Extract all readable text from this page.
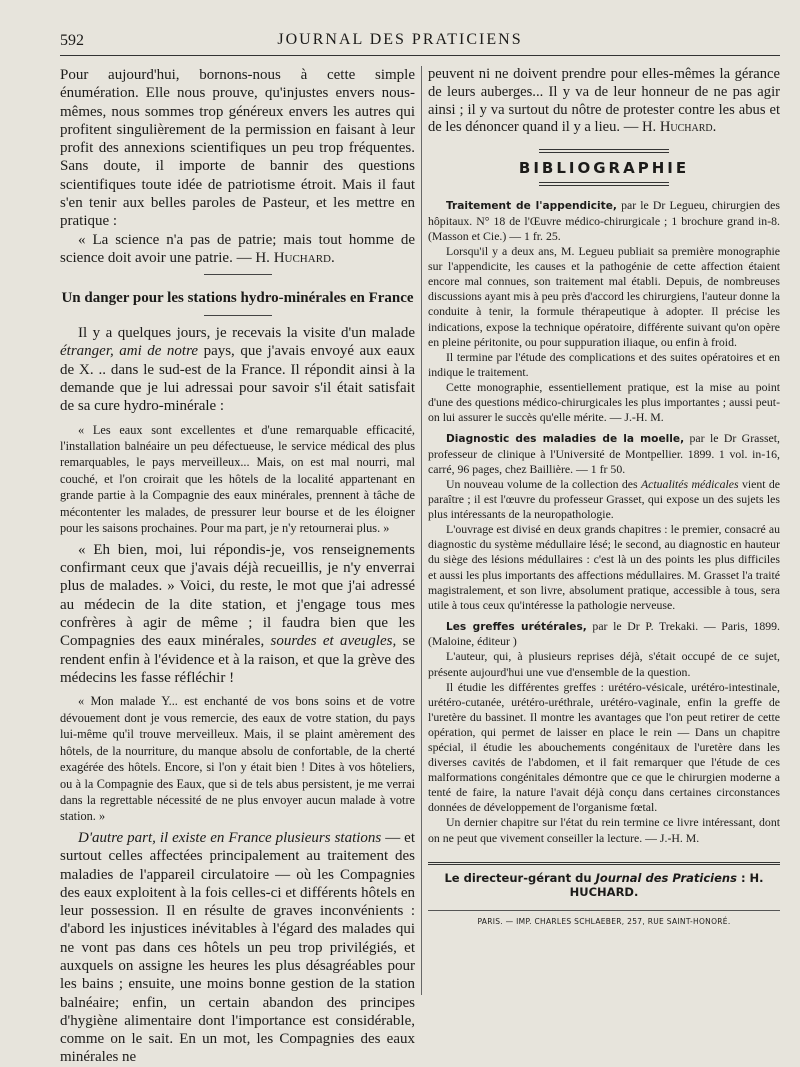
592	JOURNAL DES PRATICIENS

Pour aujourd'hui, bornons-nous à cette simple énumération. Elle nous prouve, qu'injustes envers nous-mêmes, nous sommes trop généreux envers les autres qui profitent singulièrement de la permission en faisant à leur profit des annexions scientifiques un peu trop fréquentes. Sans doute, il importe de bannir des questions scientifiques toute idée de patriotisme étroit. Mais il faut s'en tenir aux belles paroles de Pasteur, et les mettre en pratique :

« La science n'a pas de patrie; mais tout homme de science doit avoir une patrie. — H. Huchard.

Un danger pour les stations hydro-minérales en France

Il y a quelques jours, je recevais la visite d'un malade étranger, ami de notre pays, que j'avais envoyé aux eaux de X. .. dans le sud-est de la France. Il répondit ainsi à la demande que je lui adressai pour savoir s'il était satisfait de sa cure hydro-minérale :

« Les eaux sont excellentes et d'une remarquable efficacité, l'installation balnéaire un peu défectueuse, le service médical des plus remarquables, le pays merveilleux... Mais, on est mal nourri, mal couché, et l'on croirait que les hôtels de la localité appartenant en grande partie à la Compagnie des eaux minérales, prennent à tâche de mécontenter les malades, de pressurer leur bourse et de les éloigner pour les saisons prochaines. Pour ma part, je n'y retournerai plus. »

« Eh bien, moi, lui répondis-je, vos renseignements confirmant ceux que j'avais déjà recueillis, je n'y enverrai plus de malades. » Voici, du reste, le mot que j'ai adressé au médecin de la dite station, et j'engage tous mes confrères à agir de même ; il faudra bien que les Compagnies des eaux minérales, sourdes et aveugles, se rendent enfin à l'évidence et à la raison, et que la grève des médecins les fasse réfléchir !

« Mon malade Y... est enchanté de vos bons soins et de votre dévouement dont je vous remercie, des eaux de votre station, du pays lui-même qu'il trouve merveilleux. Mais, il se plaint amèrement des hôtels, de la nourriture, du manque absolu de confortable, de la cherté exagérée des hôtels. Encore, si l'on y était bien ! Dites à vos hôteliers, ou à la Compagnie des Eaux, que si de tels abus persistent, je me verrai dans la regrettable nécessité de ne plus envoyer aucun malade à votre station. »

D'autre part, il existe en France plusieurs stations — et surtout celles affectées principalement au traitement des maladies de l'appareil circulatoire — où les Compagnies des eaux exploitent à la fois celles-ci et différents hôtels en leur possession. Il en résulte de graves inconvénients : d'abord les injustices inévitables à l'égard des malades qui ne vont pas dans ces hôtels un peu trop privilégiés, et auxquels on assigne les heures les plus désagréables pour les bains ; ensuite, une moins bonne gestion de la station balnéaire; enfin, un certain abandon des principes d'hygiène alimentaire dont l'importance est considérable, comme on le sait. En un mot, les Compagnies des eaux minérales ne

peuvent ni ne doivent prendre pour elles-mêmes la gérance de leurs auberges... Il y va de leur honneur de ne pas agir ainsi ; il y va surtout du nôtre de protester contre les abus et de les dénoncer quand il y a lieu. — H. Huchard.

BIBLIOGRAPHIE

Traitement de l'appendicite, par le Dr Legueu, chirurgien des hôpitaux. N° 18 de l'Œuvre médico-chirurgicale ; 1 brochure grand in-8. (Masson et Cie.) — 1 fr. 25.

Lorsqu'il y a deux ans, M. Legueu publiait sa première monographie sur l'appendicite, les causes et la pathogénie de cette affection étaient encore mal connues, son traitement mal établi. Depuis, de nombreuses discussions ayant mis à peu près d'accord les chirurgiens, l'auteur donne la conduite à tenir, la formule thérapeutique à adopter. Il précise les indications, expose la technique opératoire, différente suivant qu'on opère en pleine péritonite, ou pour suppuration iliaque, ou enfin à froid.

Il termine par l'étude des complications et des suites opératoires et en indique le traitement.

Cette monographie, essentiellement pratique, est la mise au point d'une des questions médico-chirurgicales les plus importantes ; aussi peut-on lui assurer le succès qu'elle mérite. — J.-H. M.

Diagnostic des maladies de la moelle, par le Dr Grasset, professeur de clinique à l'Université de Montpellier. 1899. 1 vol. in-16, carré, 96 pages, chez Baillière. — 1 fr 50.

Un nouveau volume de la collection des Actualités médicales vient de paraître ; il est l'œuvre du professeur Grasset, qui expose un des sujets les plus intéressants de la neuropathologie.

L'ouvrage est divisé en deux grands chapitres : le premier, consacré au diagnostic du système médullaire lésé; le second, au diagnostic en hauteur du siège des lésions médullaires : c'est là un des points les plus difficiles et aussi les plus importants des affections médullaires. M. Grasset l'a traité magistralement, et son livre, absolument pratique, accessible à tous, sera utile à tous ceux qu'intéresse la pathologie nerveuse.

Les greffes urétérales, par le Dr P. Trekaki. — Paris, 1899. (Maloine, éditeur )

L'auteur, qui, à plusieurs reprises déjà, s'était occupé de ce sujet, présente aujourd'hui une vue d'ensemble de la question.

Il étudie les différentes greffes : urétéro-vésicale, urétéro-intestinale, urétéro-cutanée, urétéro-uréthrale, urétéro-vaginale, enfin la greffe de l'uretère du bassinet. Il montre les avantages que l'on peut retirer de cette opération, qui permet de laisser en place le rein — Dans un chapitre spécial, il étudie les abouchements congénitaux de l'uretère dans les diverses cavités de l'abdomen, et il fait remarquer que l'étude de ces malformations congénitales démontre que ce que le chirurgien moderne a tenté de faire, la nature l'avait déjà conçu dans certaines circonstances données de développement de l'organisme fœtal.

Un dernier chapitre sur l'état du rein termine ce livre intéressant, dont on ne peut que vivement conseiller la lecture. — J.-H. M.

Le directeur-gérant du Journal des Praticiens : H. HUCHARD.
PARIS. — IMP. CHARLES SCHLAEBER, 257, RUE SAINT-HONORÉ.
